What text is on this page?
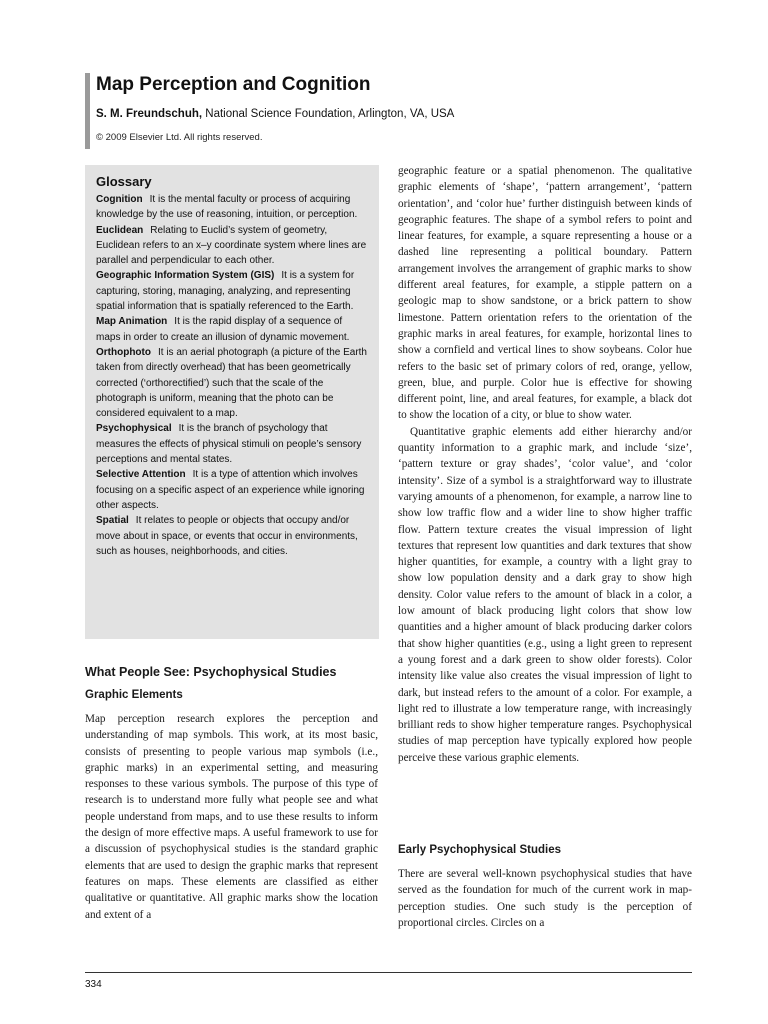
Map Perception and Cognition
S. M. Freundschuh, National Science Foundation, Arlington, VA, USA
© 2009 Elsevier Ltd. All rights reserved.
Glossary

Cognition It is the mental faculty or process of acquiring knowledge by the use of reasoning, intuition, or perception.

Euclidean Relating to Euclid’s system of geometry, Euclidean refers to an x–y coordinate system where lines are parallel and perpendicular to each other.

Geographic Information System (GIS) It is a system for capturing, storing, managing, analyzing, and representing spatial information that is spatially referenced to the Earth.

Map Animation It is the rapid display of a sequence of maps in order to create an illusion of dynamic movement.

Orthophoto It is an aerial photograph (a picture of the Earth taken from directly overhead) that has been geometrically corrected (‘orthorectified’) such that the scale of the photograph is uniform, meaning that the photo can be considered equivalent to a map.

Psychophysical It is the branch of psychology that measures the effects of physical stimuli on people’s sensory perceptions and mental states.

Selective Attention It is a type of attention which involves focusing on a specific aspect of an experience while ignoring other aspects.

Spatial It relates to people or objects that occupy and/or move about in space, or events that occur in environments, such as houses, neighborhoods, and cities.

What People See: Psychophysical Studies
Graphic Elements

Map perception research explores the perception and understanding of map symbols. This work, at its most basic, consists of presenting to people various map symbols (i.e., graphic marks) in an experimental setting, and measuring responses to these various symbols. The purpose of this type of research is to understand more fully what people see and what people understand from maps, and to use these results to inform the design of more effective maps. A useful framework to use for a discussion of psychophysical studies is the standard graphic elements that are used to design the graphic marks that represent features on maps. These elements are classified as either qualitative or quantitative. All graphic marks show the location and extent of a

geographic feature or a spatial phenomenon. The qualitative graphic elements of ‘shape’, ‘pattern arrangement’, ‘pattern orientation’, and ‘color hue’ further distinguish between kinds of geographic features. The shape of a symbol refers to point and linear features, for example, a square representing a house or a dashed line representing a political boundary. Pattern arrangement involves the arrangement of graphic marks to show different areal features, for example, a stipple pattern on a geologic map to show sandstone, or a brick pattern to show limestone. Pattern orientation refers to the orientation of the graphic marks in areal features, for example, horizontal lines to show a cornfield and vertical lines to show soybeans. Color hue refers to the basic set of primary colors of red, orange, yellow, green, blue, and purple. Color hue is effective for showing different point, line, and areal features, for example, a black dot to show the location of a city, or blue to show water.

Quantitative graphic elements add either hierarchy and/or quantity information to a graphic mark, and include ‘size’, ‘pattern texture or gray shades’, ‘color value’, and ‘color intensity’. Size of a symbol is a straightforward way to illustrate varying amounts of a phenomenon, for example, a narrow line to show low traffic flow and a wider line to show higher traffic flow. Pattern texture creates the visual impression of light textures that represent low quantities and dark textures that show higher quantities, for example, a country with a light gray to show low population density and a dark gray to show high density. Color value refers to the amount of black in a color, a low amount of black producing light colors that show low quantities and a higher amount of black producing darker colors that show higher quantities (e.g., using a light green to represent a young forest and a dark green to show older forests). Color intensity like value also creates the visual impression of light to dark, but instead refers to the amount of a color. For example, a light red to illustrate a low temperature range, with increasingly brilliant reds to show higher temperature ranges. Psychophysical studies of map perception have typically explored how people perceive these various graphic elements.

Early Psychophysical Studies

There are several well-known psychophysical studies that have served as the foundation for much of the current work in map-perception studies. One such study is the perception of proportional circles. Circles on a

334
